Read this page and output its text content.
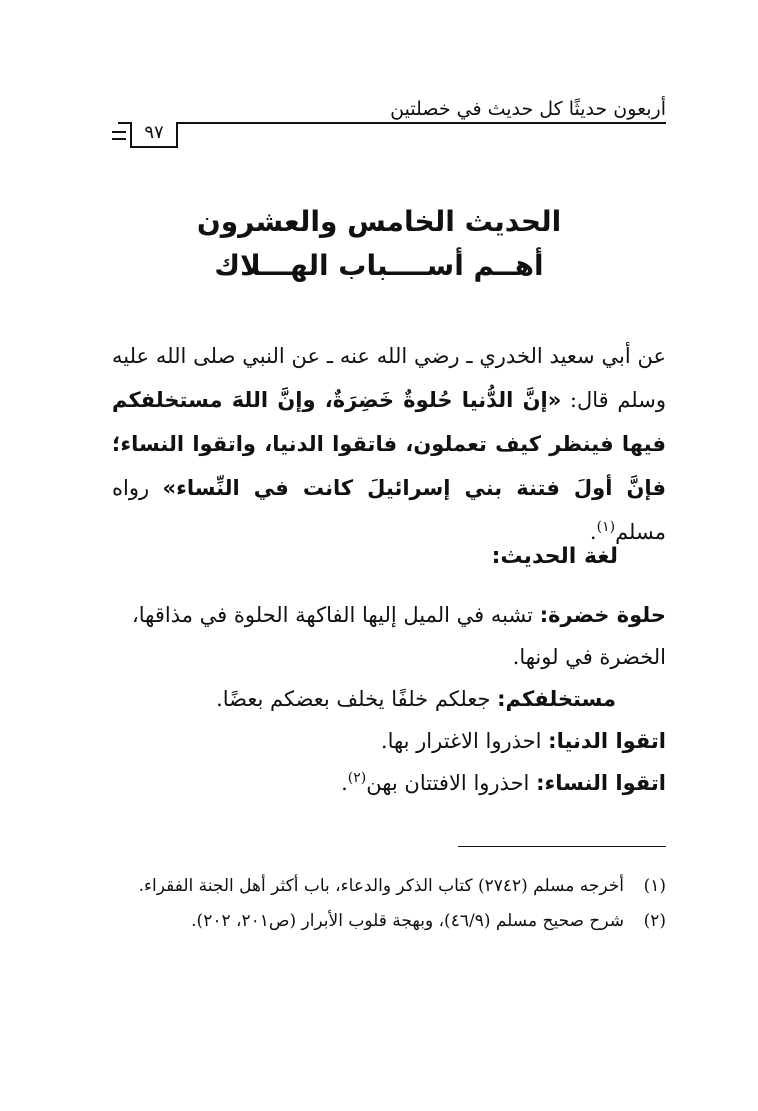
أربعون حديثًا كل حديث في خصلتين
٩٧
الحديث الخامس والعشرون
أهــم أســــباب الهـــلاك
عن أبي سعيد الخدري ـ رضي الله عنه ـ عن النبي صلى الله عليه وسلم قال: «إنَّ الدُّنيا حُلوةٌ خَضِرَةٌ، وإنَّ اللهَ مستخلفكم فيها فينظر كيف تعملون، فاتقوا الدنيا، واتقوا النساء؛ فإنَّ أولَ فتنة بني إسرائيلَ كانت في النِّساء» رواه مسلم$^{(١)}$.
لغة الحديث:
حلوة خضرة: تشبه في الميل إليها الفاكهة الحلوة في مذاقها، الخضرة في لونها.
مستخلفكم: جعلكم خلفًا يخلف بعضكم بعضًا.
اتقوا الدنيا: احذروا الاغترار بها.
اتقوا النساء: احذروا الافتتان بهن$^{(٢)}$.
(١)
أخرجه مسلم (٢٧٤٢) كتاب الذكر والدعاء، باب أكثر أهل الجنة الفقراء.
(٢)
شرح صحيح مسلم (٤٦/٩)، وبهجة قلوب الأبرار (ص٢٠١، ٢٠٢).
